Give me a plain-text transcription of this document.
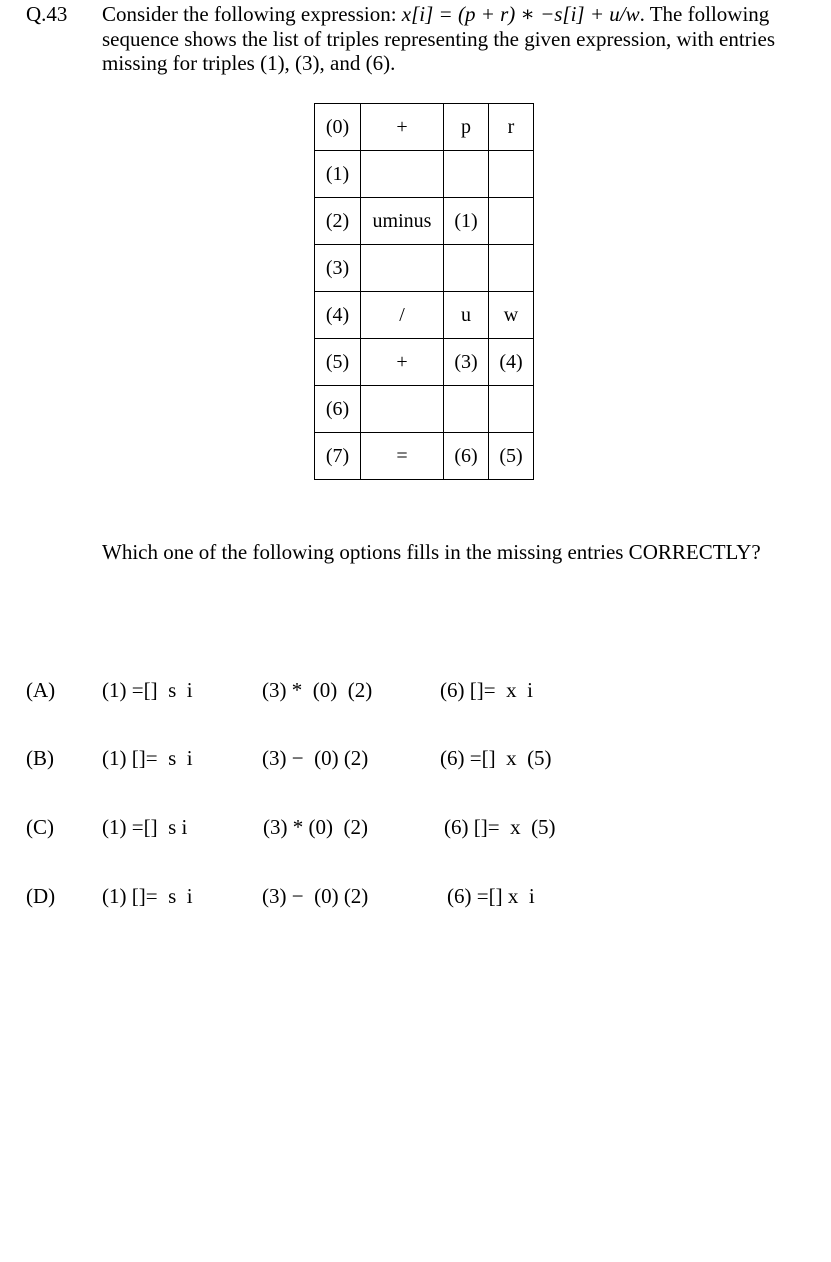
Q.43 Consider the following expression: x[i] = (p + r) ∗ −s[i] + u/w. The following sequence shows the list of triples representing the given expression, with entries missing for triples (1), (3), and (6).
(0)	+	p	r
(1)			
(2)	uminus	(1)	
(3)			
(4)	/	u	w
(5)	+	(3)	(4)
(6)			
(7)	=	(6)	(5)
Which one of the following options fills in the missing entries CORRECTLY?
(A) (1) =[]  s  i	(3) *  (0)  (2)	(6) []=  x  i
(B) (1) []=  s  i	(3) −  (0) (2)	(6) =[]  x  (5)
(C) (1) =[]  s i	(3) * (0)  (2)	(6) []=  x  (5)
(D) (1) []=  s  i	(3) −  (0) (2)	(6) =[] x  i
